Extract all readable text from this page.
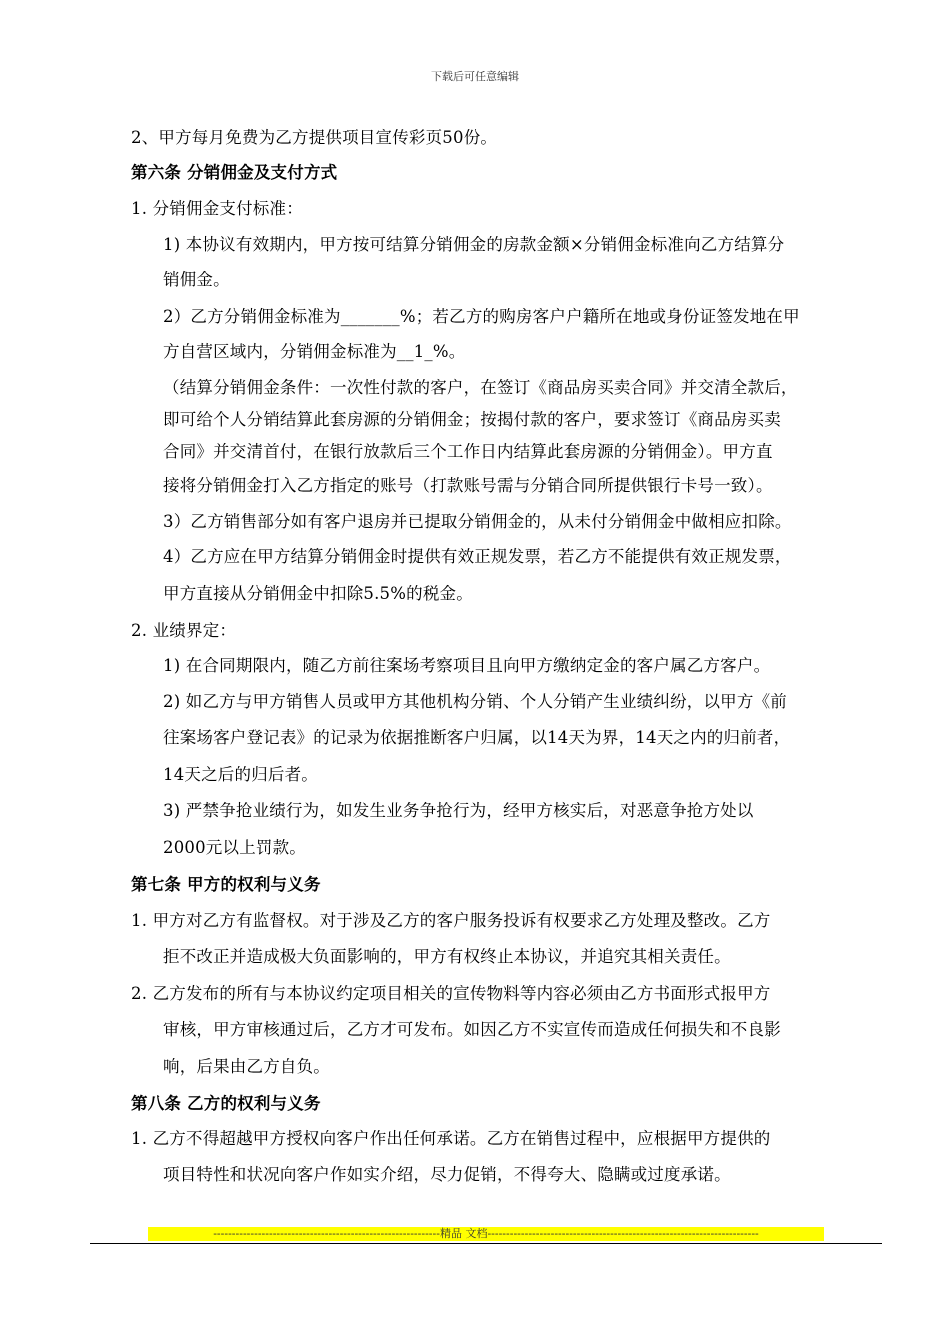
下载后可任意编辑
2、甲方每月免费为乙方提供项目宣传彩页50份。
第六条 分销佣金及支付方式
1. 分销佣金支付标准：
1) 本协议有效期内，甲方按可结算分销佣金的房款金额×分销佣金标准向乙方结算分
销佣金。
2）乙方分销佣金标准为_______%；若乙方的购房客户户籍所在地或身份证签发地在甲
方自营区域内，分销佣金标准为__1_%。
（结算分销佣金条件：一次性付款的客户，在签订《商品房买卖合同》并交清全款后，
即可给个人分销结算此套房源的分销佣金；按揭付款的客户，要求签订《商品房买卖
合同》并交清首付，在银行放款后三个工作日内结算此套房源的分销佣金）。甲方直
接将分销佣金打入乙方指定的账号（打款账号需与分销合同所提供银行卡号一致）。
3）乙方销售部分如有客户退房并已提取分销佣金的，从未付分销佣金中做相应扣除。
4）乙方应在甲方结算分销佣金时提供有效正规发票，若乙方不能提供有效正规发票，
甲方直接从分销佣金中扣除5.5%的税金。
2. 业绩界定：
1) 在合同期限内，随乙方前往案场考察项目且向甲方缴纳定金的客户属乙方客户。
2) 如乙方与甲方销售人员或甲方其他机构分销、个人分销产生业绩纠纷，以甲方《前
往案场客户登记表》的记录为依据推断客户归属，以14天为界，14天之内的归前者，
14天之后的归后者。
3) 严禁争抢业绩行为，如发生业务争抢行为，经甲方核实后，对恶意争抢方处以
2000元以上罚款。
第七条 甲方的权利与义务
1. 甲方对乙方有监督权。对于涉及乙方的客户服务投诉有权要求乙方处理及整改。乙方
拒不改正并造成极大负面影响的，甲方有权终止本协议，并追究其相关责任。
2. 乙方发布的所有与本协议约定项目相关的宣传物料等内容必须由乙方书面形式报甲方
审核，甲方审核通过后，乙方才可发布。如因乙方不实宣传而造成任何损失和不良影
响，后果由乙方自负。
第八条 乙方的权利与义务
1. 乙方不得超越甲方授权向客户作出任何承诺。乙方在销售过程中，应根据甲方提供的
项目特性和状况向客户作如实介绍，尽力促销，不得夸大、隐瞒或过度承诺。
-------------------------------------------------------------精品 文档-------------------------------------------------------------------------
